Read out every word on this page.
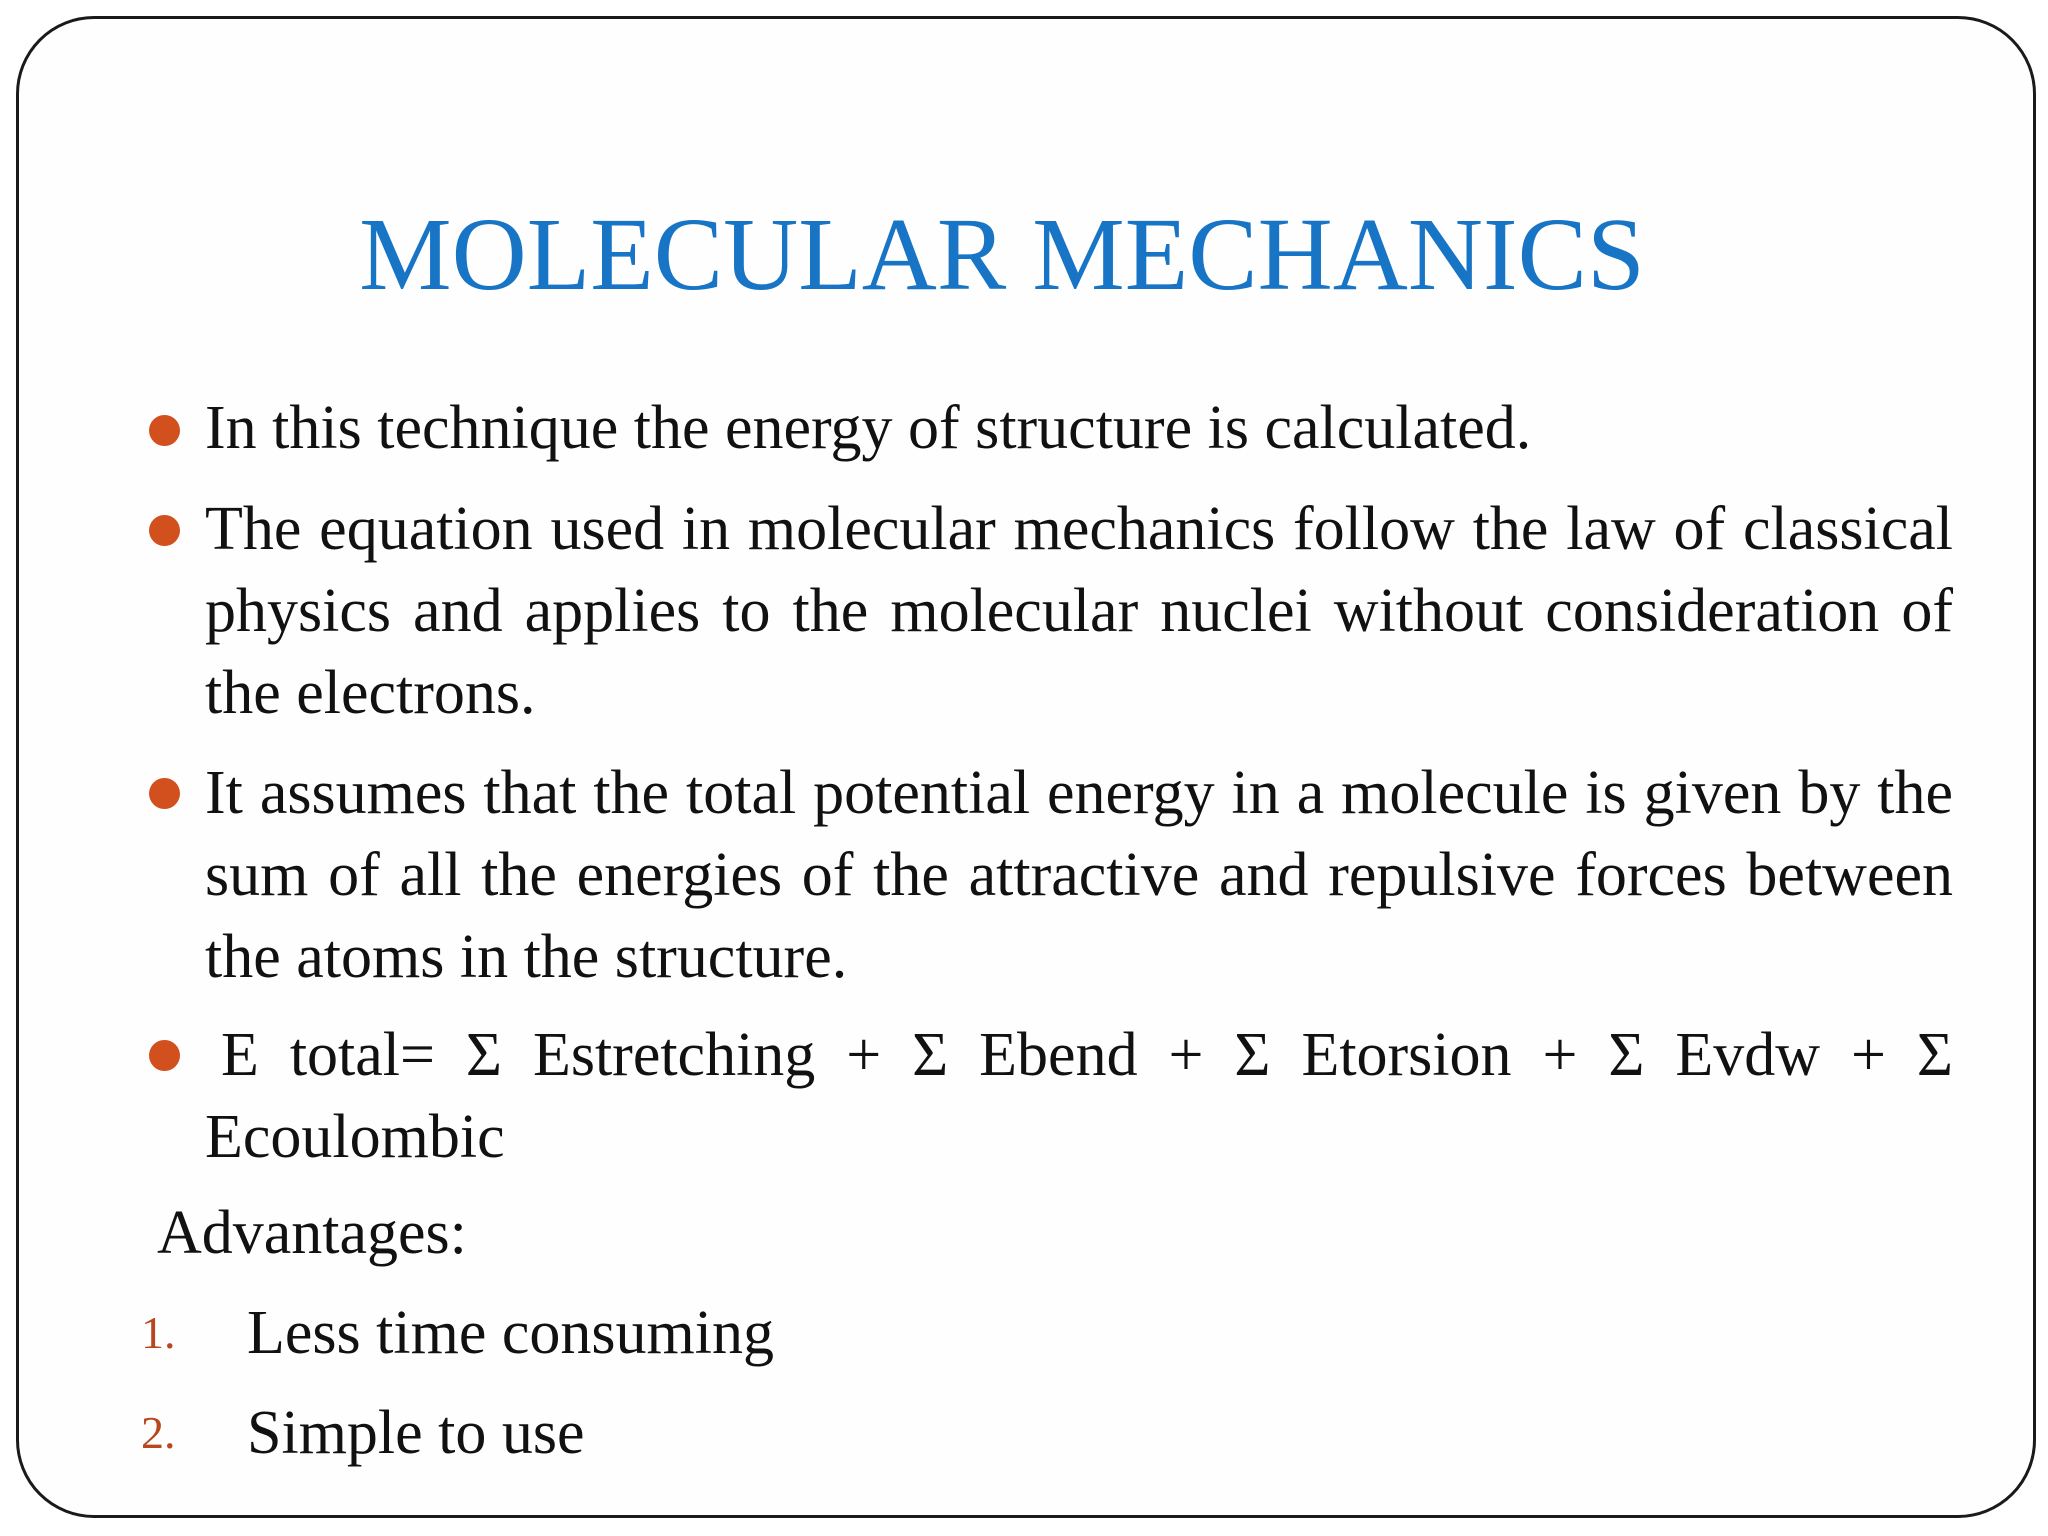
MOLECULAR MECHANICS
In this technique the energy of structure is calculated.
The equation used in molecular mechanics follow the law of classical physics and applies to the molecular nuclei without consideration of the electrons.
It assumes that the total potential energy in a molecule is given by the sum of all the energies of the attractive and repulsive forces between the atoms in the structure.
E total= Σ Estretching + Σ Ebend + Σ Etorsion + Σ Evdw + Σ Ecoulombic
Advantages:
1. Less time consuming
2. Simple to use
